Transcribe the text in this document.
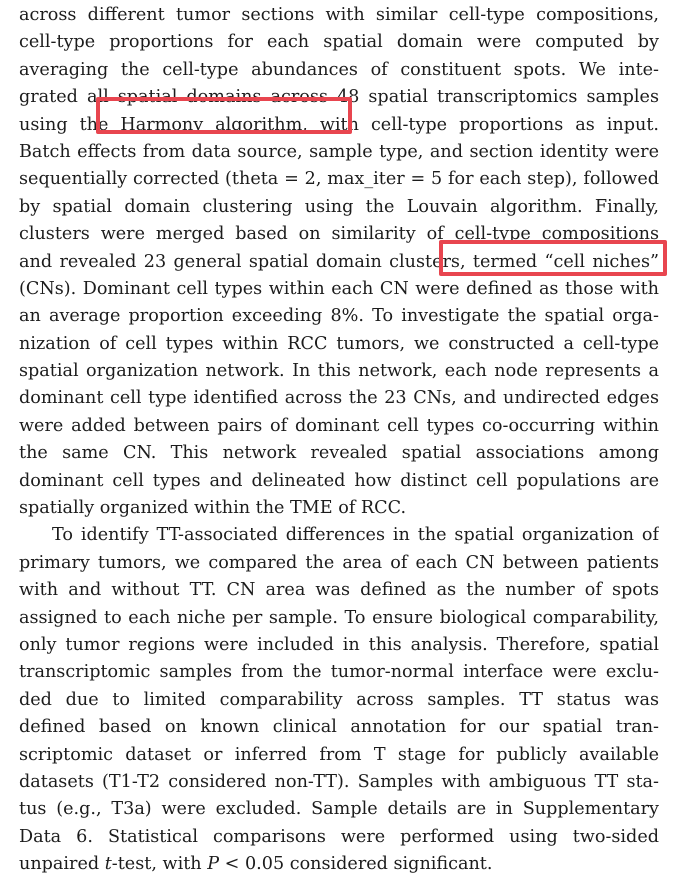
across different tumor sections with similar cell-type compositions,
cell-type proportions for each spatial domain were computed by
averaging the cell-type abundances of constituent spots. We inte-
grated all spatial domains across 48 spatial transcriptomics samples
using the Harmony algorithm, with cell-type proportions as input.
Batch effects from data source, sample type, and section identity were
sequentially corrected (theta = 2, max_iter = 5 for each step), followed
by spatial domain clustering using the Louvain algorithm. Finally,
clusters were merged based on similarity of cell-type compositions
and revealed 23 general spatial domain clusters, termed “cell niches”
(CNs). Dominant cell types within each CN were defined as those with
an average proportion exceeding 8%. To investigate the spatial orga-
nization of cell types within RCC tumors, we constructed a cell-type
spatial organization network. In this network, each node represents a
dominant cell type identified across the 23 CNs, and undirected edges
were added between pairs of dominant cell types co-occurring within
the same CN. This network revealed spatial associations among
dominant cell types and delineated how distinct cell populations are
spatially organized within the TME of RCC.
To identify TT-associated differences in the spatial organization of
primary tumors, we compared the area of each CN between patients
with and without TT. CN area was defined as the number of spots
assigned to each niche per sample. To ensure biological comparability,
only tumor regions were included in this analysis. Therefore, spatial
transcriptomic samples from the tumor-normal interface were exclu-
ded due to limited comparability across samples. TT status was
defined based on known clinical annotation for our spatial tran-
scriptomic dataset or inferred from T stage for publicly available
datasets (T1-T2 considered non-TT). Samples with ambiguous TT sta-
tus (e.g., T3a) were excluded. Sample details are in Supplementary
Data 6. Statistical comparisons were performed using two-sided
unpaired t-test, with P < 0.05 considered significant.
